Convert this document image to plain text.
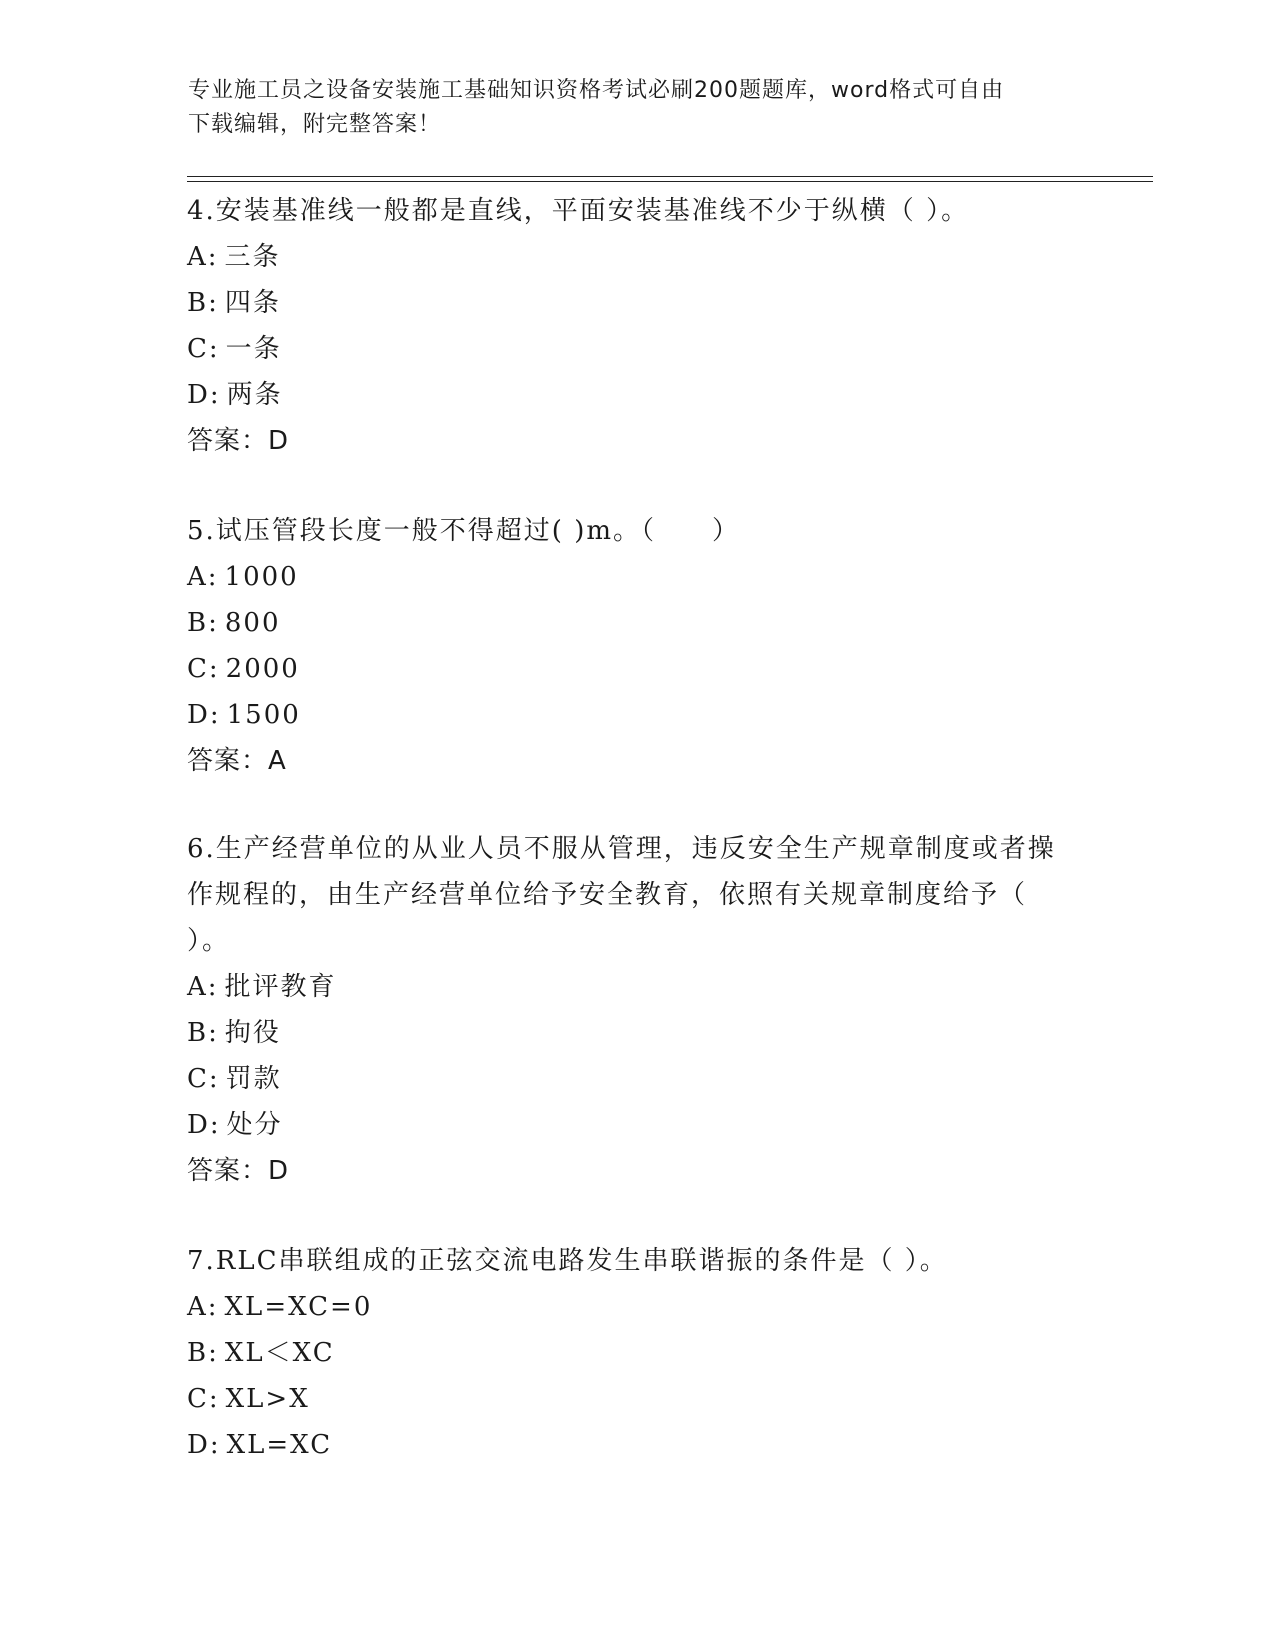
专业施工员之设备安装施工基础知识资格考试必刷200题题库，word格式可自由
下载编辑，附完整答案！

4.安装基准线一般都是直线，平面安装基准线不少于纵横（ ）。

A: 三条

B: 四条

C: 一条

D: 两条

答案：D

5.试压管段长度一般不得超过( )m。（　　）

A: 1000

B: 800

C: 2000

D: 1500

答案：A

6.生产经营单位的从业人员不服从管理，违反安全生产规章制度或者操作规程的，由生产经营单位给予安全教育，依照有关规章制度给予（ ）。

A: 批评教育

B: 拘役

C: 罚款

D: 处分

答案：D

7.RLC串联组成的正弦交流电路发生串联谐振的条件是（ ）。

A: XL=XC=0

B: XL＜XC

C: XL>X

D: XL=XC
